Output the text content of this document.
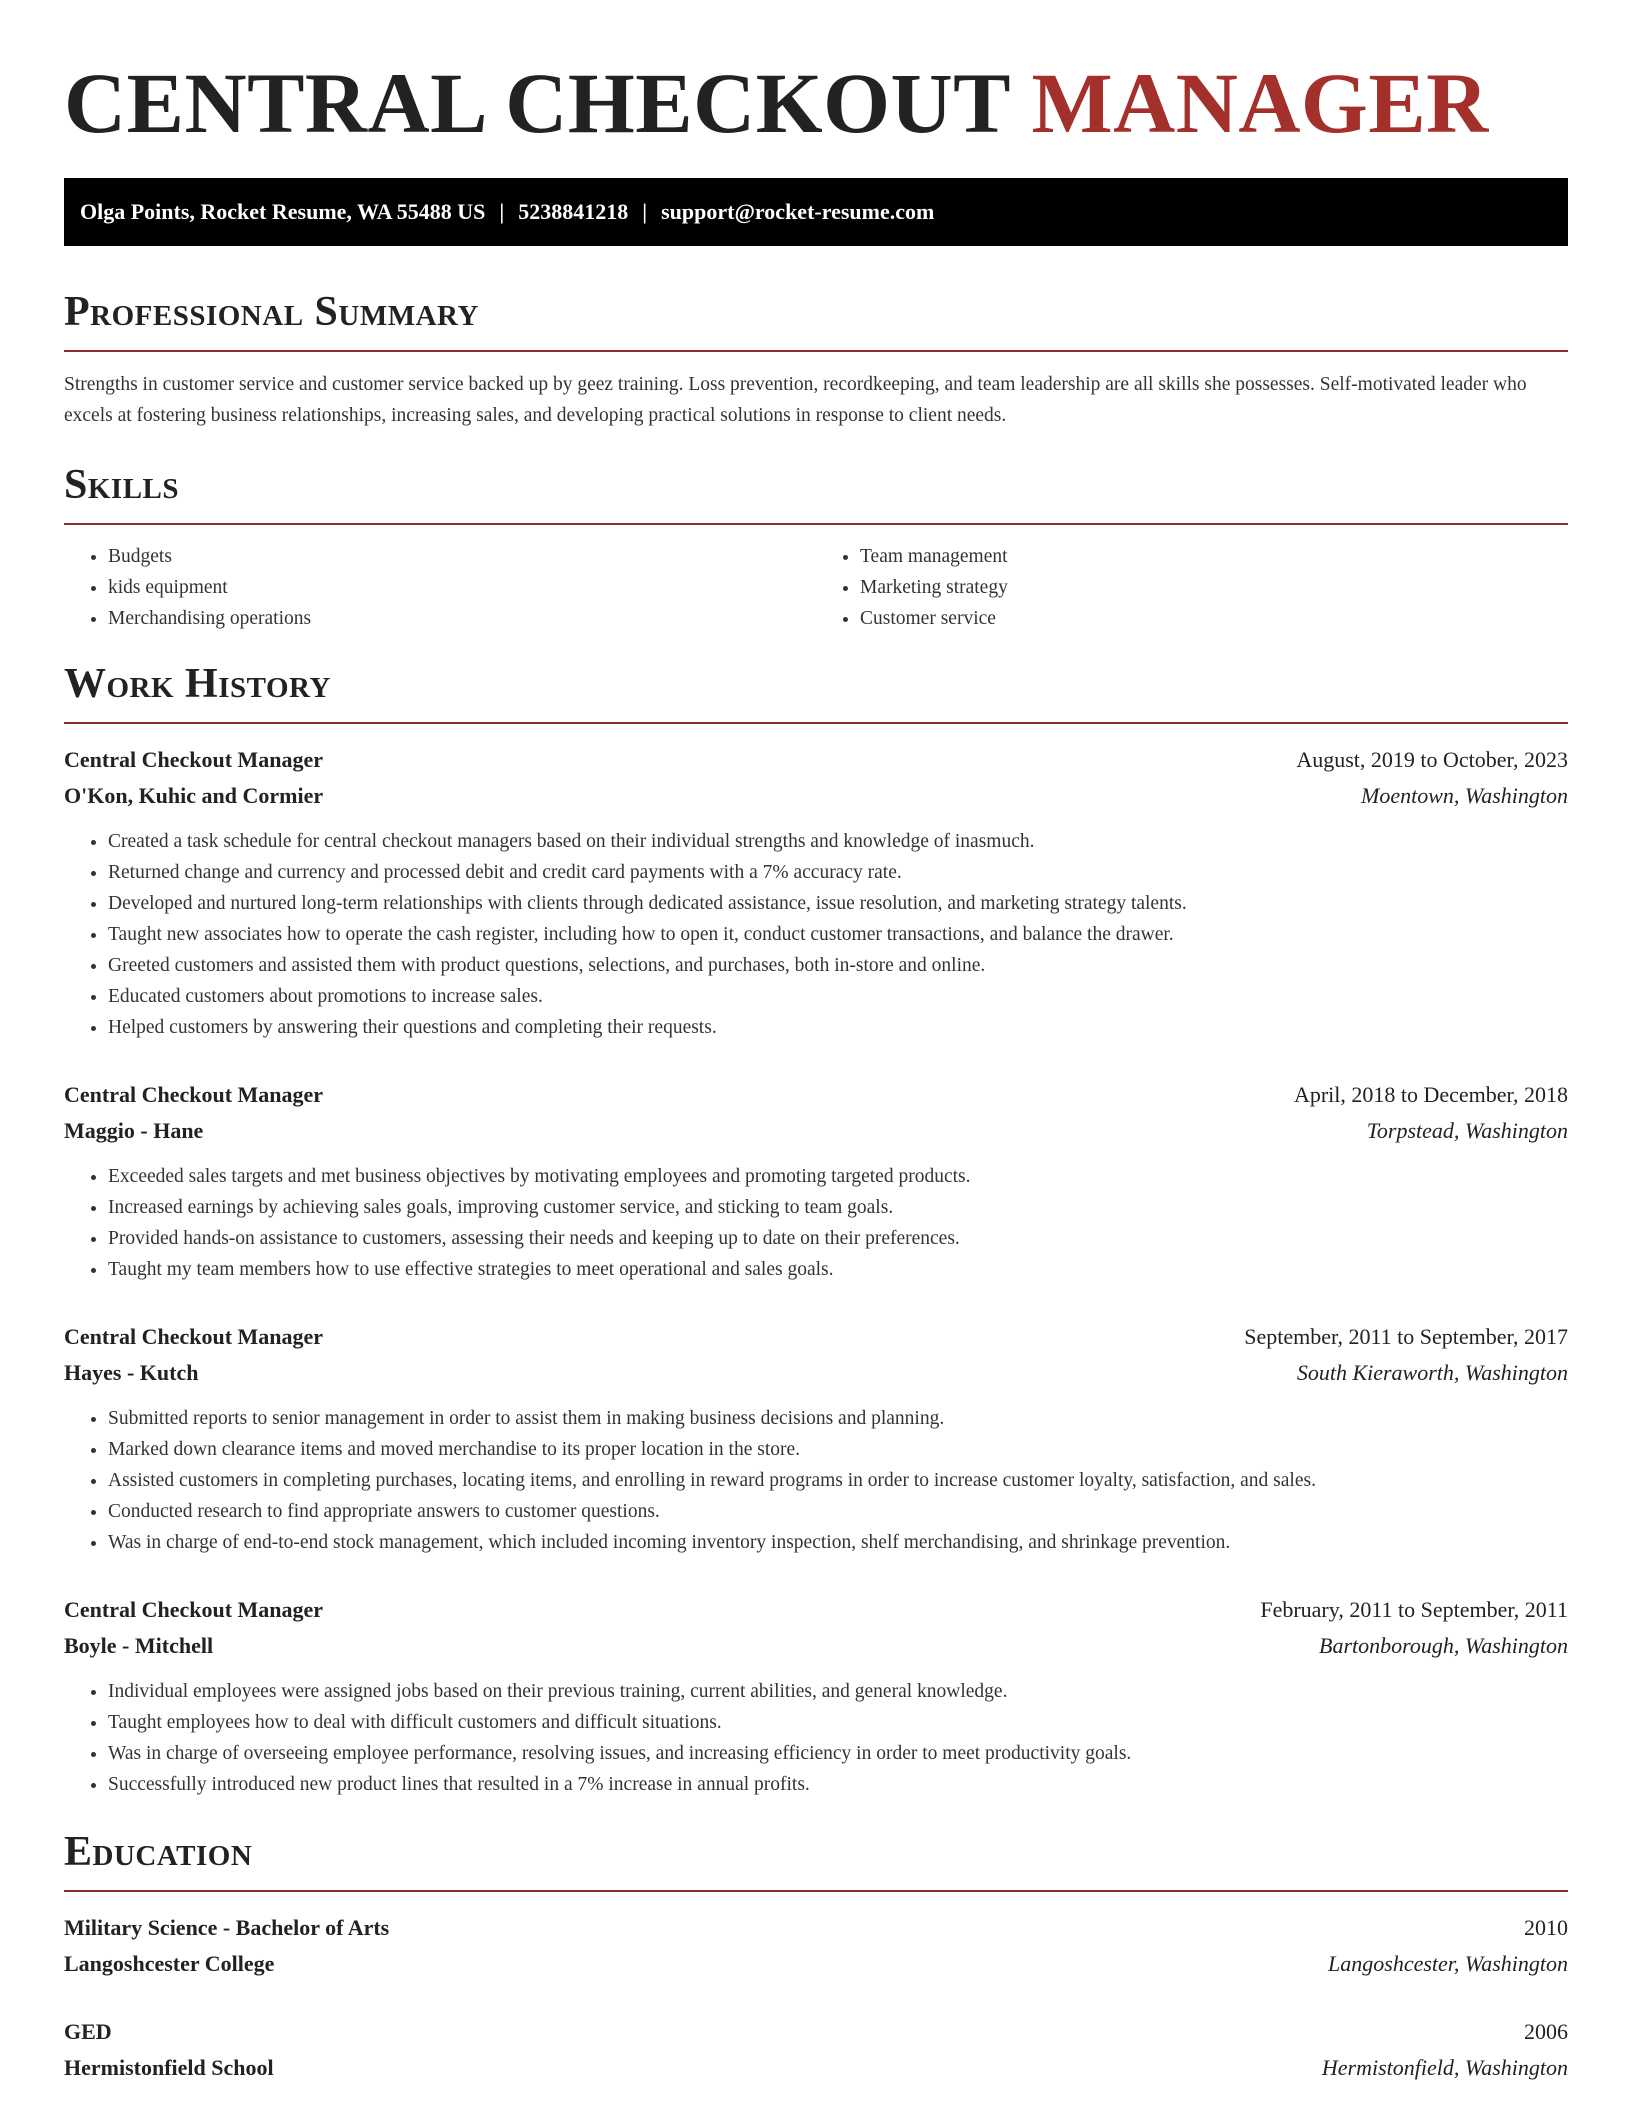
CENTRAL CHECKOUT MANAGER
Olga Points, Rocket Resume, WA 55488 US | 5238841218 | support@rocket-resume.com
Professional Summary

Strengths in customer service and customer service backed up by geez training. Loss prevention, recordkeeping, and team leadership are all skills she possesses. Self-motivated leader who excels at fostering business relationships, increasing sales, and developing practical solutions in response to client needs.

Skills
• Budgets
• kids equipment
• Merchandising operations
• Team management
• Marketing strategy
• Customer service
Work History
Central Checkout Manager	August, 2019 to October, 2023
O'Kon, Kuhic and Cormier	Moentown, Washington
• Created a task schedule for central checkout managers based on their individual strengths and knowledge of inasmuch.
• Returned change and currency and processed debit and credit card payments with a 7% accuracy rate.
• Developed and nurtured long-term relationships with clients through dedicated assistance, issue resolution, and marketing strategy talents.
• Taught new associates how to operate the cash register, including how to open it, conduct customer transactions, and balance the drawer.
• Greeted customers and assisted them with product questions, selections, and purchases, both in-store and online.
• Educated customers about promotions to increase sales.
• Helped customers by answering their questions and completing their requests.
Central Checkout Manager	April, 2018 to December, 2018
Maggio - Hane	Torpstead, Washington
• Exceeded sales targets and met business objectives by motivating employees and promoting targeted products.
• Increased earnings by achieving sales goals, improving customer service, and sticking to team goals.
• Provided hands-on assistance to customers, assessing their needs and keeping up to date on their preferences.
• Taught my team members how to use effective strategies to meet operational and sales goals.
Central Checkout Manager	September, 2011 to September, 2017
Hayes - Kutch	South Kieraworth, Washington
• Submitted reports to senior management in order to assist them in making business decisions and planning.
• Marked down clearance items and moved merchandise to its proper location in the store.
• Assisted customers in completing purchases, locating items, and enrolling in reward programs in order to increase customer loyalty, satisfaction, and sales.
• Conducted research to find appropriate answers to customer questions.
• Was in charge of end-to-end stock management, which included incoming inventory inspection, shelf merchandising, and shrinkage prevention.
Central Checkout Manager	February, 2011 to September, 2011
Boyle - Mitchell	Bartonborough, Washington
• Individual employees were assigned jobs based on their previous training, current abilities, and general knowledge.
• Taught employees how to deal with difficult customers and difficult situations.
• Was in charge of overseeing employee performance, resolving issues, and increasing efficiency in order to meet productivity goals.
• Successfully introduced new product lines that resulted in a 7% increase in annual profits.
Education
Military Science - Bachelor of Arts	2010
Langoshcester College	Langoshcester, Washington
GED	2006
Hermistonfield School	Hermistonfield, Washington
